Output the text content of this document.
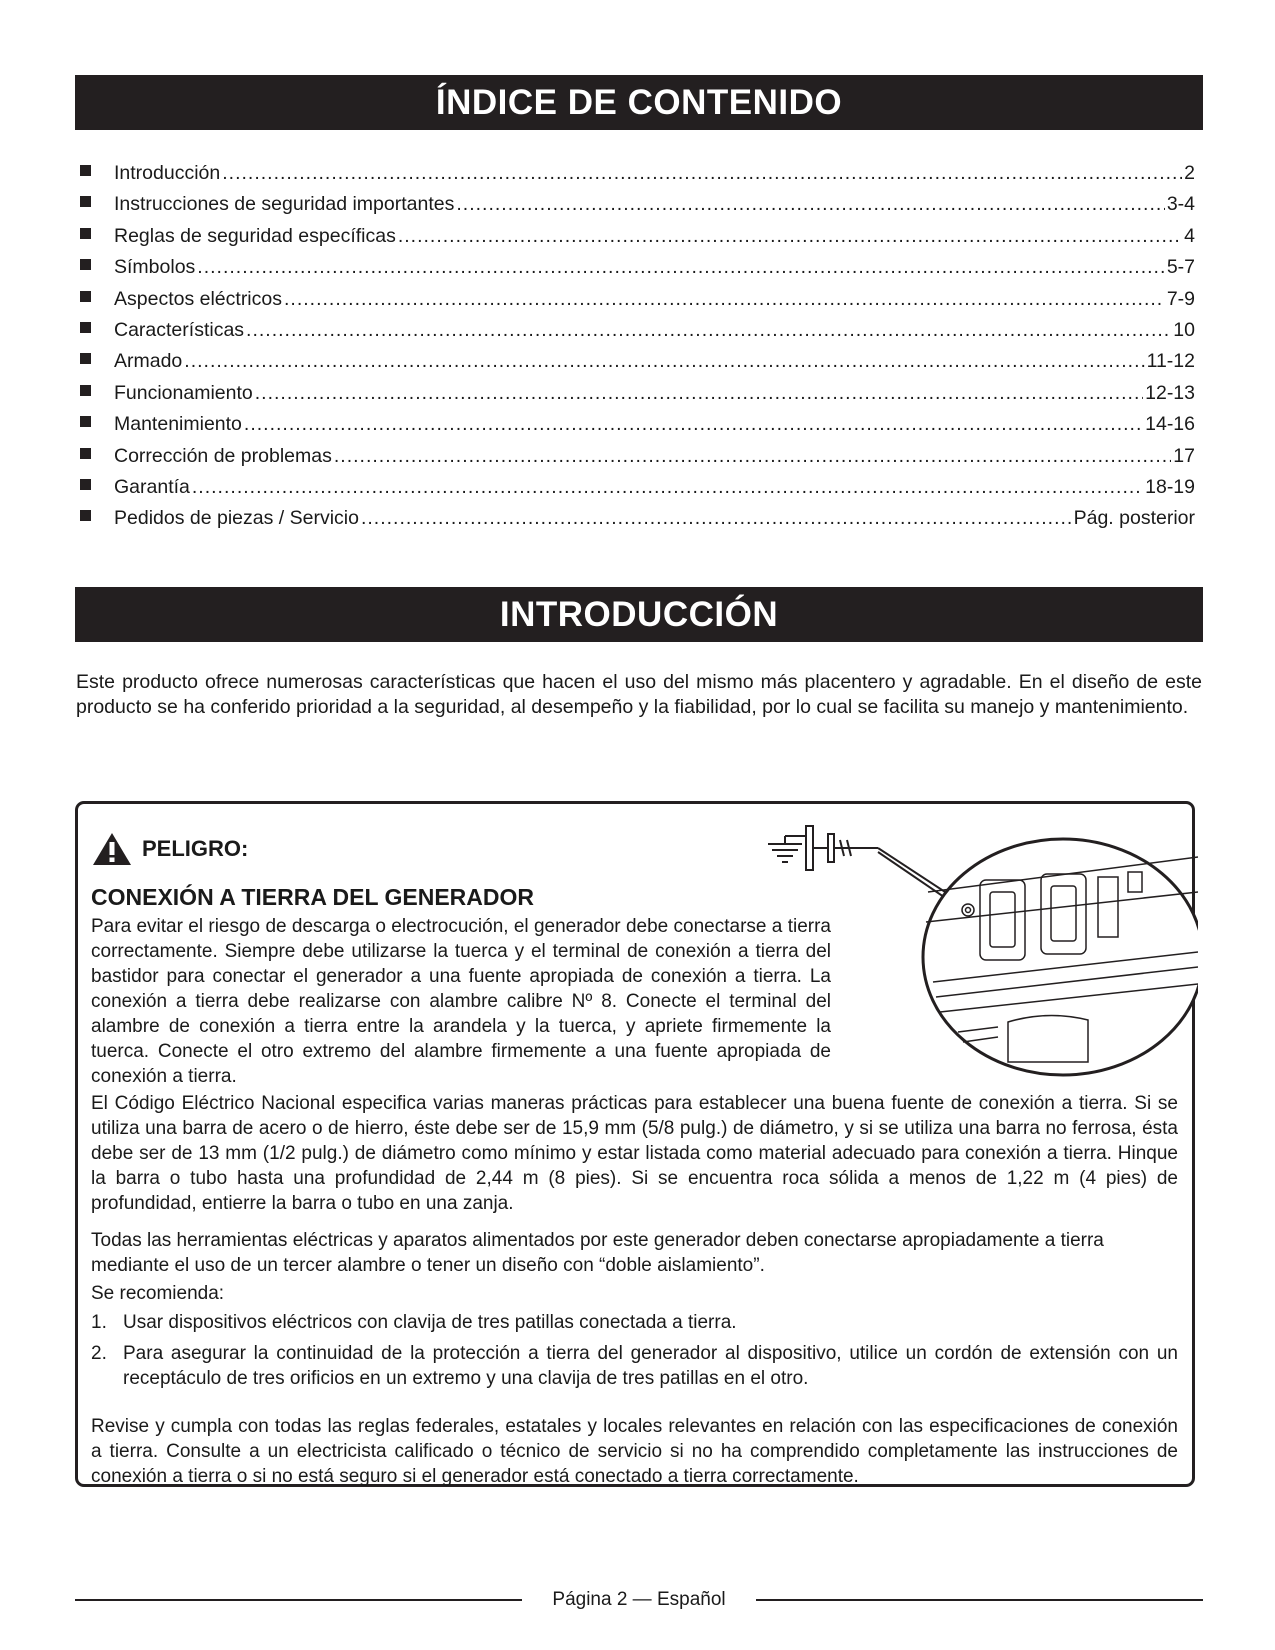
ÍNDICE DE CONTENIDO
Introducción .....	2
Instrucciones de seguridad importantes .....	3-4
Reglas de seguridad específicas .....	4
Símbolos .....	5-7
Aspectos eléctricos .....	7-9
Características .....	10
Armado .....	11-12
Funcionamiento .....	12-13
Mantenimiento .....	14-16
Corrección de problemas .....	17
Garantía .....	18-19
Pedidos de piezas / Servicio .....	Pág. posterior
INTRODUCCIÓN

Este producto ofrece numerosas características que hacen el uso del mismo más placentero y agradable. En el diseño de este producto se ha conferido prioridad a la seguridad, al desempeño y la fiabilidad, por lo cual se facilita su manejo y mantenimiento.

PELIGRO:

CONEXIÓN A TIERRA DEL GENERADOR

Para evitar el riesgo de descarga o electrocución, el generador debe conectarse a tierra correctamente. Siempre debe utilizarse la tuerca y el terminal de conexión a tierra del bastidor para conectar el generador a una fuente apropiada de conexión a tierra. La conexión a tierra debe realizarse con alambre calibre Nº 8. Conecte el terminal del alambre de conexión a tierra entre la arandela y la tuerca, y apriete firmemente la tuerca. Conecte el otro extremo del alambre firmemente a una fuente apropiada de conexión a tierra.

El Código Eléctrico Nacional especifica varias maneras prácticas para establecer una buena fuente de conexión a tierra. Si se utiliza una barra de acero o de hierro, éste debe ser de 15,9 mm (5/8 pulg.) de diámetro, y si se utiliza una barra no ferrosa, ésta debe ser de 13 mm (1/2 pulg.) de diámetro como mínimo y estar listada como material adecuado para conexión a tierra. Hinque la barra o tubo hasta una profundidad de 2,44 m (8 pies). Si se encuentra roca sólida a menos de 1,22 m (4 pies) de profundidad, entierre la barra o tubo en una zanja.

Todas las herramientas eléctricas y aparatos alimentados por este generador deben conectarse apropiadamente a tierra mediante el uso de un tercer alambre o tener un diseño con “doble aislamiento”.

Se recomienda:

1. Usar dispositivos eléctricos con clavija de tres patillas conectada a tierra.
2. Para asegurar la continuidad de la protección a tierra del generador al dispositivo, utilice un cordón de extensión con un receptáculo de tres orificios en un extremo y una clavija de tres patillas en el otro.

Revise y cumpla con todas las reglas federales, estatales y locales relevantes en relación con las especificaciones de conexión a tierra. Consulte a un electricista calificado o técnico de servicio si no ha comprendido completamente las instrucciones de conexión a tierra o si no está seguro si el generador está conectado a tierra correctamente.

Página 2 — Español
